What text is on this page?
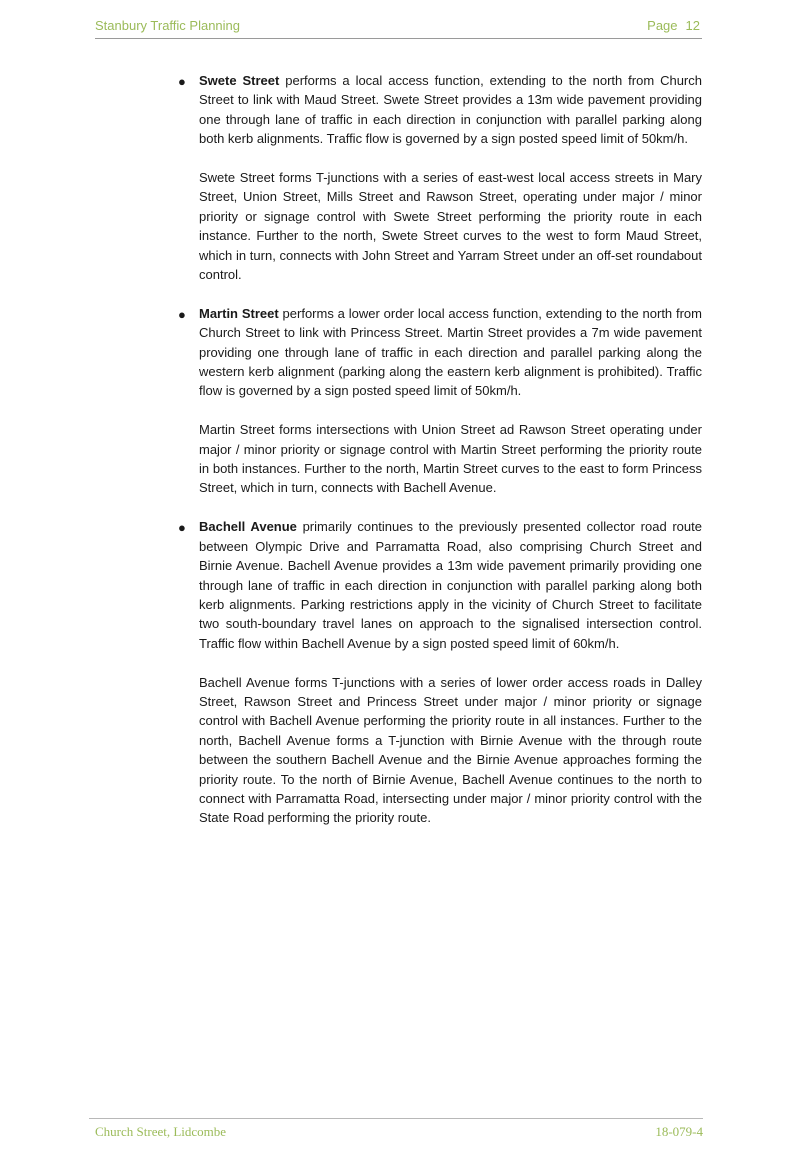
Stanbury Traffic Planning	Page 12
● Swete Street performs a local access function, extending to the north from Church Street to link with Maud Street. Swete Street provides a 13m wide pavement providing one through lane of traffic in each direction in conjunction with parallel parking along both kerb alignments. Traffic flow is governed by a sign posted speed limit of 50km/h.

Swete Street forms T-junctions with a series of east-west local access streets in Mary Street, Union Street, Mills Street and Rawson Street, operating under major / minor priority or signage control with Swete Street performing the priority route in each instance. Further to the north, Swete Street curves to the west to form Maud Street, which in turn, connects with John Street and Yarram Street under an off-set roundabout control.

● Martin Street performs a lower order local access function, extending to the north from Church Street to link with Princess Street. Martin Street provides a 7m wide pavement providing one through lane of traffic in each direction and parallel parking along the western kerb alignment (parking along the eastern kerb alignment is prohibited). Traffic flow is governed by a sign posted speed limit of 50km/h.

Martin Street forms intersections with Union Street ad Rawson Street operating under major / minor priority or signage control with Martin Street performing the priority route in both instances. Further to the north, Martin Street curves to the east to form Princess Street, which in turn, connects with Bachell Avenue.

● Bachell Avenue primarily continues to the previously presented collector road route between Olympic Drive and Parramatta Road, also comprising Church Street and Birnie Avenue. Bachell Avenue provides a 13m wide pavement primarily providing one through lane of traffic in each direction in conjunction with parallel parking along both kerb alignments. Parking restrictions apply in the vicinity of Church Street to facilitate two south-boundary travel lanes on approach to the signalised intersection control. Traffic flow within Bachell Avenue by a sign posted speed limit of 60km/h.

Bachell Avenue forms T-junctions with a series of lower order access roads in Dalley Street, Rawson Street and Princess Street under major / minor priority or signage control with Bachell Avenue performing the priority route in all instances. Further to the north, Bachell Avenue forms a T-junction with Birnie Avenue with the through route between the southern Bachell Avenue and the Birnie Avenue approaches forming the priority route. To the north of Birnie Avenue, Bachell Avenue continues to the north to connect with Parramatta Road, intersecting under major / minor priority control with the State Road performing the priority route.

Church Street, Lidcombe	18-079-4
